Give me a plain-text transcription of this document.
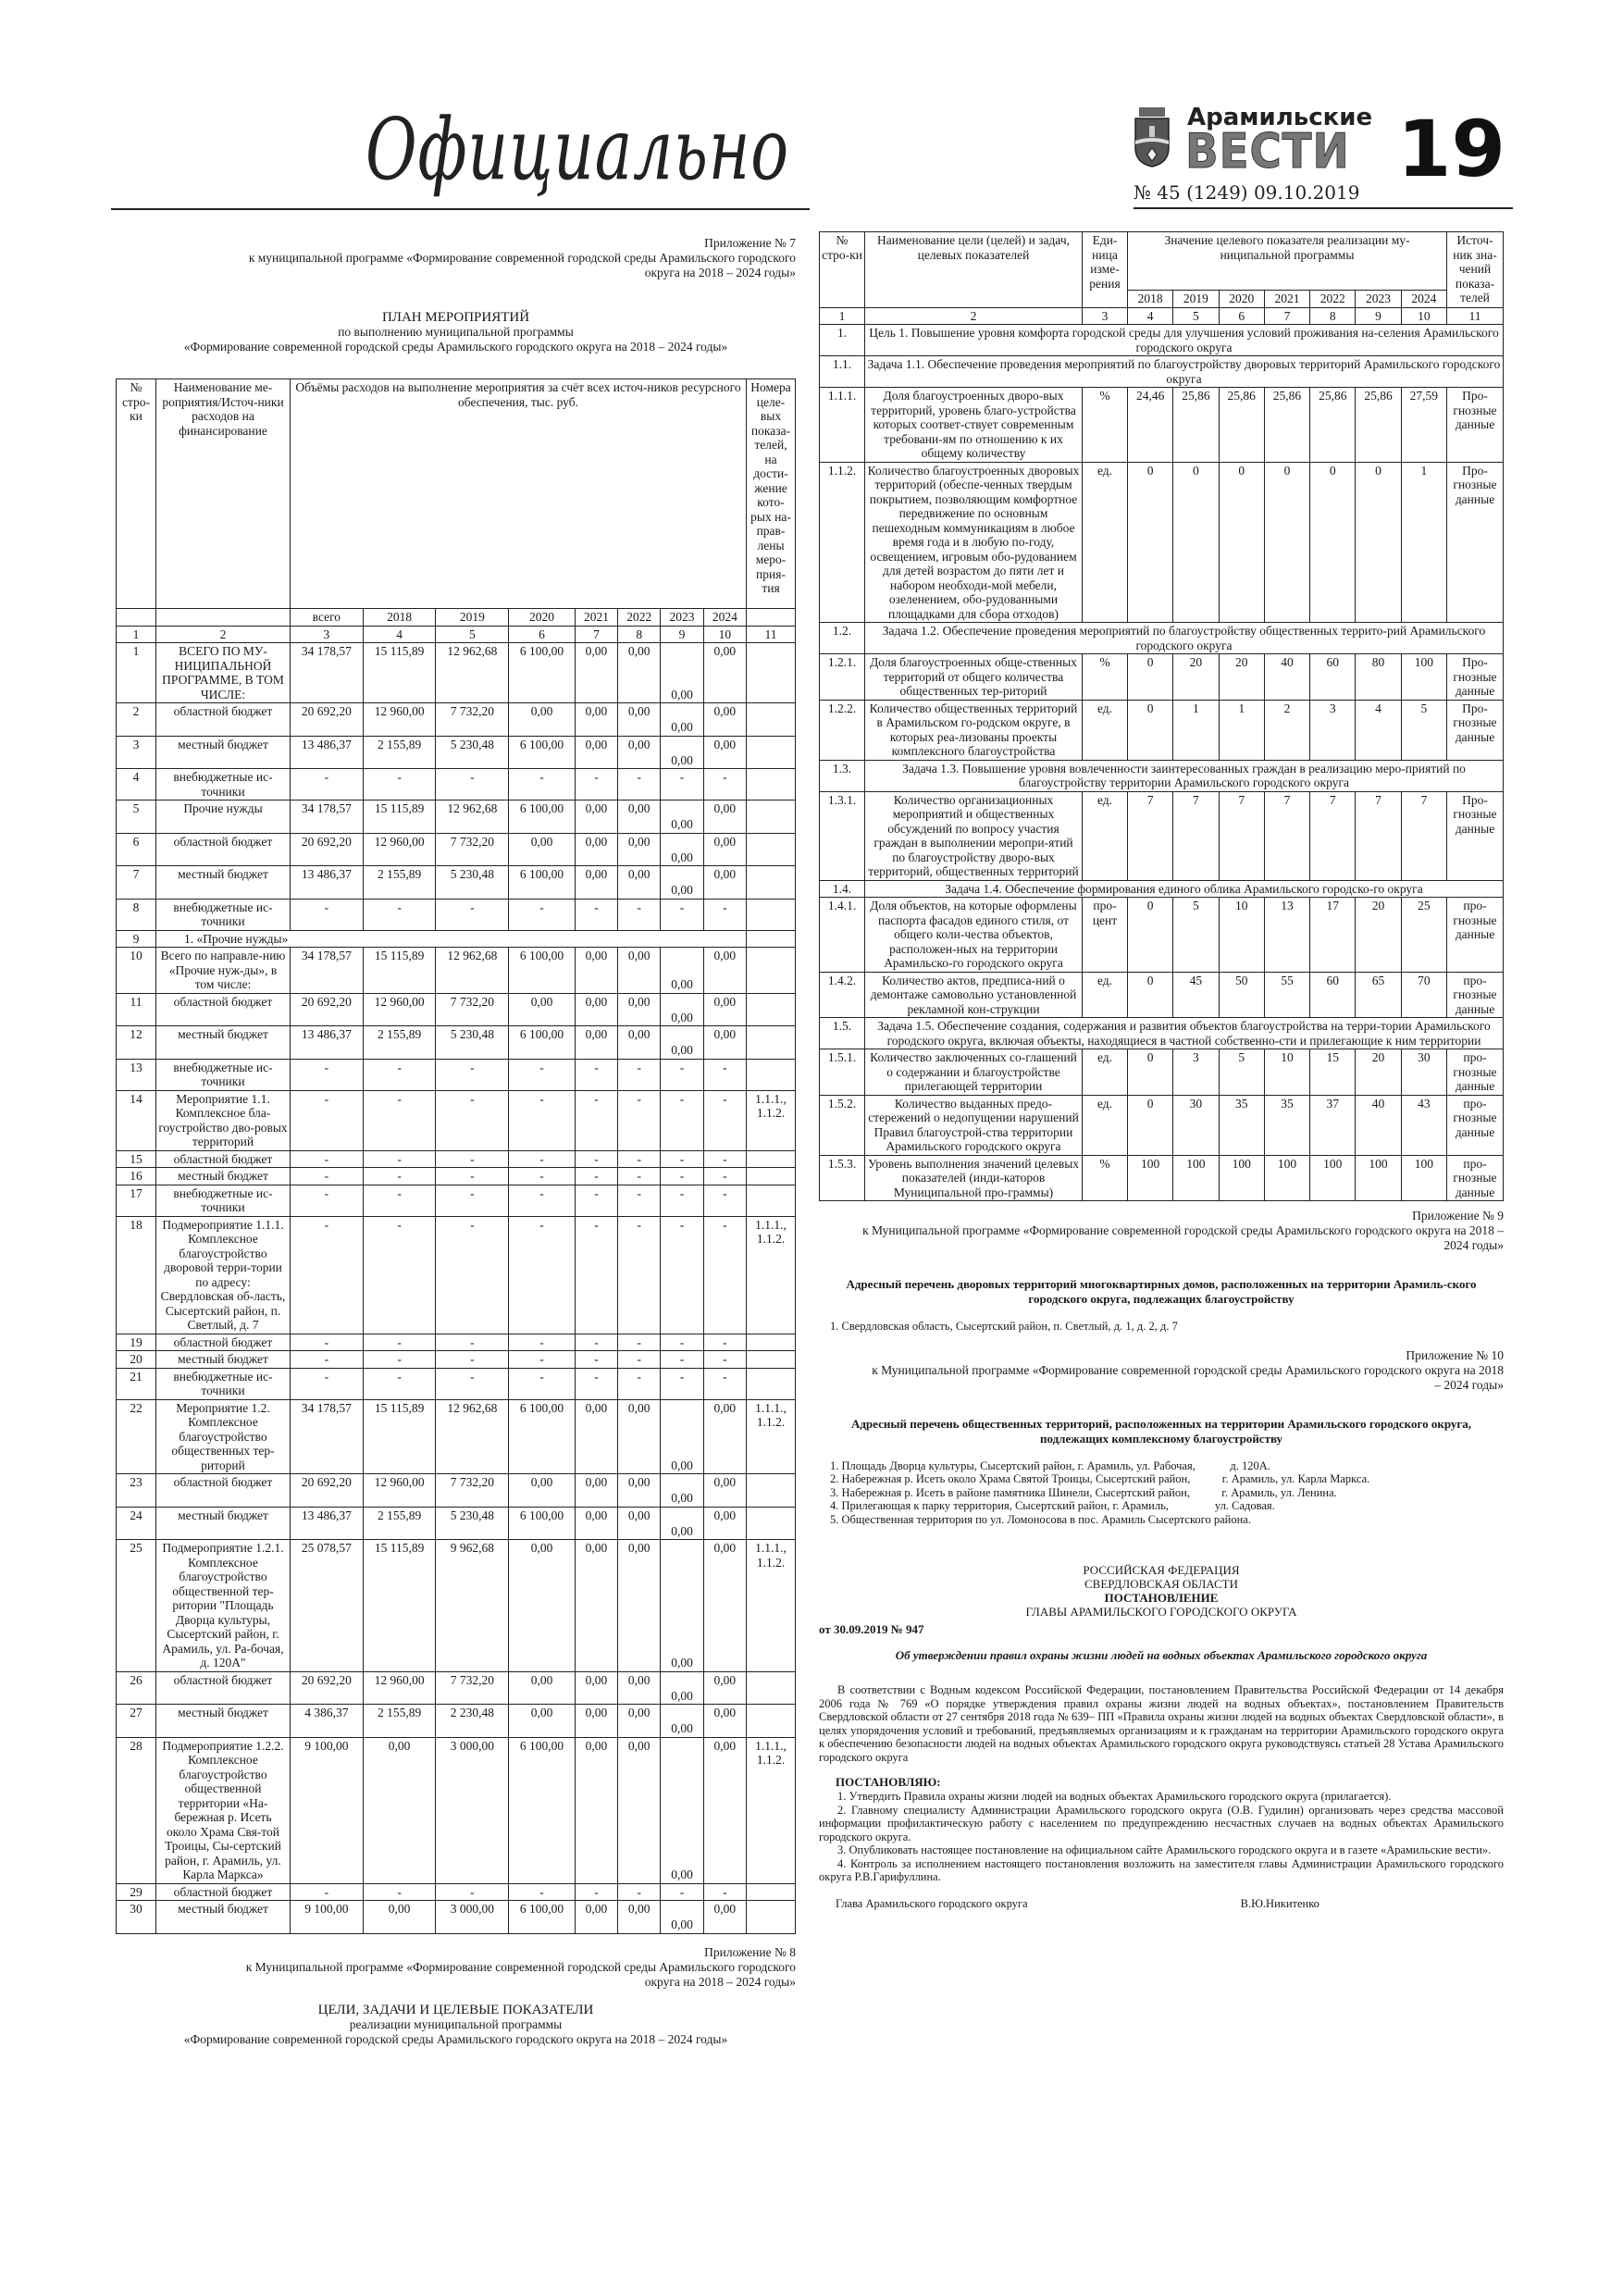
Официально	Арамильские
ВЕСТИ
№ 45 (1249) 09.10.2019 19
Приложение № 7
к муниципальной программе «Формирование современной городской среды Арамильского городского
округа на 2018 – 2024 годы»
ПЛАН МЕРОПРИЯТИЙ
по выполнению муниципальной программы
«Формирование современной городской среды Арамильского городского округа на 2018 – 2024 годы»
№ стро-ки	Наименование ме-роприятия/Источ-ники расходов на финансирование	Объёмы расходов на выполнение мероприятия за счёт всех источ-ников ресурсного обеспечения, тыс. руб.								Номера целе-вых показа-телей, на дости-жение кото-рых на-прав-лены меро-прия-тия
		всего	2018	2019	2020	2021	2022	2023	2024	
1	2	3	4	5	6	7	8	9	10	11
1	ВСЕГО ПО МУ-НИЦИПАЛЬНОЙ ПРОГРАММЕ, В ТОМ ЧИСЛЕ:	34 178,57	15 115,89	12 962,68	6 100,00	0,00	0,00	0,00	0,00	
2	областной бюджет	20 692,20	12 960,00	7 732,20	0,00	0,00	0,00	0,00	0,00	
3	местный бюджет	13 486,37	2 155,89	5 230,48	6 100,00	0,00	0,00	0,00	0,00	
4	внебюджетные ис-точники	-	-	-	-	-	-	-	-	
5	Прочие нужды	34 178,57	15 115,89	12 962,68	6 100,00	0,00	0,00	0,00	0,00	
6	областной бюджет	20 692,20	12 960,00	7 732,20	0,00	0,00	0,00	0,00	0,00	
7	местный бюджет	13 486,37	2 155,89	5 230,48	6 100,00	0,00	0,00	0,00	0,00	
8	внебюджетные ис-точники	-	-	-	-	-	-	-	-	
9	1. «Прочие нужды»									
10	Всего по направле-нию «Прочие нуж-ды», в том числе:	34 178,57	15 115,89	12 962,68	6 100,00	0,00	0,00	0,00	0,00	
11	областной бюджет	20 692,20	12 960,00	7 732,20	0,00	0,00	0,00	0,00	0,00	
12	местный бюджет	13 486,37	2 155,89	5 230,48	6 100,00	0,00	0,00	0,00	0,00	
13	внебюджетные ис-точники	-	-	-	-	-	-	-	-	
14	Мероприятие 1.1. Комплексное бла-гоустройство дво-ровых территорий	-	-	-	-	-	-	-	-	1.1.1., 1.1.2.
15	областной бюджет	-	-	-	-	-	-	-	-	
16	местный бюджет	-	-	-	-	-	-	-	-	
17	внебюджетные ис-точники	-	-	-	-	-	-	-	-	
18	Подмероприятие 1.1.1. Комплексное благоустройство дворовой терри-тории по адресу: Свердловская об-ласть, Сысертский район, п. Светлый, д. 7	-	-	-	-	-	-	-	-	1.1.1., 1.1.2.
19	областной бюджет	-	-	-	-	-	-	-	-	
20	местный бюджет	-	-	-	-	-	-	-	-	
21	внебюджетные ис-точники	-	-	-	-	-	-	-	-	
22	Мероприятие 1.2. Комплексное благоустройство общественных тер-риторий	34 178,57	15 115,89	12 962,68	6 100,00	0,00	0,00	0,00	0,00	1.1.1., 1.1.2.
23	областной бюджет	20 692,20	12 960,00	7 732,20	0,00	0,00	0,00	0,00	0,00	
24	местный бюджет	13 486,37	2 155,89	5 230,48	6 100,00	0,00	0,00	0,00	0,00	
25	Подмероприятие 1.2.1. Комплексное благоустройство общественной тер-ритории "Площадь Дворца культуры, Сысертский район, г. Арамиль, ул. Ра-бочая, д. 120А"	25 078,57	15 115,89	9 962,68	0,00	0,00	0,00	0,00	0,00	1.1.1., 1.1.2.
26	областной бюджет	20 692,20	12 960,00	7 732,20	0,00	0,00	0,00	0,00	0,00	
27	местный бюджет	4 386,37	2 155,89	2 230,48	0,00	0,00	0,00	0,00	0,00	
28	Подмероприятие 1.2.2. Комплексное благоустройство общественной территории «На-бережная р. Исеть около Храма Свя-той Троицы, Сы-сертский район, г. Арамиль, ул. Карла Маркса»	9 100,00	0,00	3 000,00	6 100,00	0,00	0,00	0,00	0,00	1.1.1., 1.1.2.
29	областной бюджет	-	-	-	-	-	-	-	-	
30	местный бюджет	9 100,00	0,00	3 000,00	6 100,00	0,00	0,00	0,00	0,00	
Приложение № 8
к Муниципальной программе «Формирование современной городской среды Арамильского городского
округа на 2018 – 2024 годы»
ЦЕЛИ, ЗАДАЧИ И ЦЕЛЕВЫЕ ПОКАЗАТЕЛИ
реализации муниципальной программы
«Формирование современной городской среды Арамильского городского округа на 2018 – 2024 годы»
№ стро-ки	Наименование цели (целей) и задач, целевых показателей	Еди-ница изме-рения	Значение целевого показателя реализации му-ниципальной программы							Источ-ник зна-чений показа-телей
			2018	2019	2020	2021	2022	2023	2024	
1	2	3	4	5	6	7	8	9	10	11
1.	Цель 1. Повышение уровня комфорта городской среды для улучшения условий проживания на-селения Арамильского городского округа									
1.1.	Задача 1.1. Обеспечение проведения мероприятий по благоустройству дворовых территорий Арамильского городского округа									
1.1.1.	Доля благоустроенных дворо-вых территорий, уровень благо-устройства которых соответ-ствует современным требовани-ям по отношению к их общему количеству	%	24,46	25,86	25,86	25,86	25,86	25,86	27,59	Про-гнозные данные
1.1.2.	Количество благоустроенных дворовых территорий (обеспе-ченных твердым покрытием, позволяющим комфортное передвижение по основным пешеходным коммуникациям в любое время года и в любую по-году, освещением, игровым обо-рудованием для детей возрастом до пяти лет и набором необходи-мой мебели, озеленением, обо-рудованными площадками для сбора отходов)	ед.	0	0	0	0	0	0	1	Про-гнозные данные
1.2.	Задача 1.2. Обеспечение проведения мероприятий по благоустройству общественных террито-рий Арамильского городского округа									
1.2.1.	Доля благоустроенных обще-ственных территорий от общего количества общественных тер-риторий	%	0	20	20	40	60	80	100	Про-гнозные данные
1.2.2.	Количество общественных территорий в Арамильском го-родском округе, в которых реа-лизованы проекты комплексного благоустройства	ед.	0	1	1	2	3	4	5	Про-гнозные данные
1.3.	Задача 1.3. Повышение уровня вовлеченности заинтересованных граждан в реализацию меро-приятий по благоустройству территории Арамильского городского округа									
1.3.1.	Количество организационных мероприятий и общественных обсуждений по вопросу участия граждан в выполнении меропри-ятий по благоустройству дворо-вых территорий, общественных территорий	ед.	7	7	7	7	7	7	7	Про-гнозные данные
1.4.	Задача 1.4. Обеспечение формирования единого облика Арамильского городско-го округа									
1.4.1.	Доля объектов, на которые оформлены паспорта фасадов единого стиля, от общего коли-чества объектов, расположен-ных на территории Арамильско-го городского округа	про-цент	0	5	10	13	17	20	25	про-гнозные данные
1.4.2.	Количество актов, предписа-ний о демонтаже самовольно установленной рекламной кон-струкции	ед.	0	45	50	55	60	65	70	про-гнозные данные
1.5.	Задача 1.5. Обеспечение создания, содержания и развития объектов благоустройства на терри-тории Арамильского городского округа, включая объекты, находящиеся в частной собственно-сти и прилегающие к ним территории									
1.5.1.	Количество заключенных со-глашений о содержании и благоустройстве прилегающей территории	ед.	0	3	5	10	15	20	30	про-гнозные данные
1.5.2.	Количество выданных предо-стережений о недопущении нарушений Правил благоустрой-ства территории Арамильского городского округа	ед.	0	30	35	35	37	40	43	про-гнозные данные
1.5.3.	Уровень выполнения значений целевых показателей (инди-каторов Муниципальной про-граммы)	%	100	100	100	100	100	100	100	про-гнозные данные
Приложение № 9
к Муниципальной программе «Формирование современной городской среды Арамильского городского округа на 2018 –
2024 годы»
Адресный перечень дворовых территорий многоквартирных домов, расположенных на территории Арамиль-ского городского округа, подлежащих благоустройству
1. Свердловская область, Сысертский район, п. Светлый, д. 1, д. 2, д. 7
Приложение № 10
к Муниципальной программе «Формирование современной городской среды Арамильского городского округа на 2018
– 2024 годы»
Адресный перечень общественных территорий, расположенных на территории Арамильского городского округа, подлежащих комплексному благоустройству
1. Площадь Дворца культуры, Сысертский район, г. Арамиль, ул. Рабочая,            д. 120А.
2. Набережная р. Исеть около Храма Святой Троицы, Сысертский район,           г. Арамиль, ул. Карла Маркса.
3. Набережная р. Исеть в районе памятника Шинели, Сысертский район,           г. Арамиль, ул. Ленина.
4. Прилегающая к парку территория, Сысертский район, г. Арамиль,                ул. Садовая.
5. Общественная территория по ул. Ломоносова в пос. Арамиль Сысертского района.
РОССИЙСКАЯ ФЕДЕРАЦИЯ
СВЕРДЛОВСКАЯ ОБЛАСТИ
ПОСТАНОВЛЕНИЕ
ГЛАВЫ АРАМИЛЬСКОГО ГОРОДСКОГО ОКРУГА
от 30.09.2019 № 947
Об утверждении правил охраны жизни людей на водных объектах Арамильского городского округа
В соответствии с Водным кодексом Российской Федерации, постановлением Правительства Российской Федерации от 14 декабря 2006 года № 769 «О порядке утверждения правил охраны жизни людей на водных объектах», постановлением Правительств Свердловской области от 27 сентября 2018 года № 639– ПП «Правила охраны жизни людей на водных объектах Свердловской области», в целях упорядочения условий и требований, предъявляемых организациям и к гражданам на территории Арамильского городского округа к обеспечению безопасности людей на водных объектах Арамильского городского округа руководствуясь статьей 28 Устава Арамильского городского округа
ПОСТАНОВЛЯЮ:
1. Утвердить Правила охраны жизни людей на водных объектах Арамильского городского округа (прилагается).
2. Главному специалисту Администрации Арамильского городского округа (О.В. Гудилин) организовать через средства массовой информации профилактическую работу с населением по предупреждению несчастных случаев на водных объектах Арамильского городского округа.
3. Опубликовать настоящее постановление на официальном сайте Арамильского городского округа и в газете «Арамильские вести».
4. Контроль за исполнением настоящего постановления возложить на заместителя главы Администрации Арамильского городского округа Р.В.Гарифуллина.
Глава Арамильского городского округа	В.Ю.Никитенко
